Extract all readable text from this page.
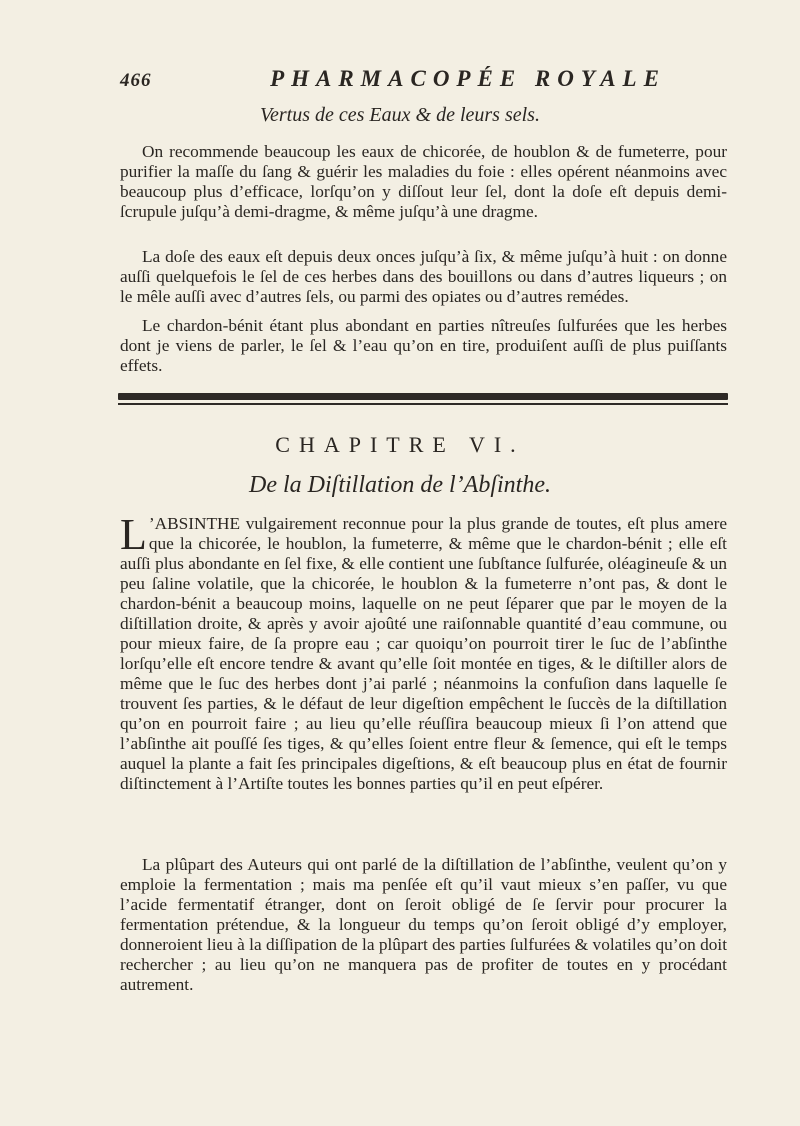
466	PHARMACOPÉE ROYALE
Vertus de ces Eaux & de leurs sels.

On recommende beaucoup les eaux de chicorée, de houblon & de fumeterre, pour purifier la maſſe du ſang & guérir les maladies du foie : elles opérent néanmoins avec beaucoup plus d’efficace, lorſqu’on y diſſout leur ſel, dont la doſe eſt depuis demi-ſcrupule juſqu’à demi-dragme, & même juſqu’à une dragme.

La doſe des eaux eſt depuis deux onces juſqu’à ſix, & même juſqu’à huit : on donne auſſi quelquefois le ſel de ces herbes dans des bouillons ou dans d’autres liqueurs ; on le mêle auſſi avec d’autres ſels, ou parmi des opiates ou d’autres remédes.

Le chardon-bénit étant plus abondant en parties nîtreuſes ſulfurées que les herbes dont je viens de parler, le ſel & l’eau qu’on en tire, produiſent auſſi de plus puiſſants effets.

CHAPITRE VI.
De la Diſtillation de l’Abſinthe.

L ’ABSINTHE vulgairement reconnue pour la plus grande de toutes, eſt plus amere que la chicorée, le houblon, la fumeterre, & même que le chardon-bénit ; elle eſt auſſi plus abondante en ſel fixe, & elle contient une ſubſtance ſulfurée, oléagineuſe & un peu ſaline volatile, que la chicorée, le houblon & la fumeterre n’ont pas, & dont le chardon-bénit a beaucoup moins, laquelle on ne peut ſéparer que par le moyen de la diſtillation droite, & après y avoir ajoûté une raiſonnable quantité d’eau commune, ou pour mieux faire, de ſa propre eau ; car quoiqu’on pourroit tirer le ſuc de l’abſinthe lorſqu’elle eſt encore tendre & avant qu’elle ſoit montée en tiges, & le diſtiller alors de même que le ſuc des herbes dont j’ai parlé ; néanmoins la confuſion dans laquelle ſe trouvent ſes parties, & le défaut de leur digeſtion empêchent le ſuccès de la diſtillation qu’on en pourroit faire ; au lieu qu’elle réuſſira beaucoup mieux ſi l’on attend que l’abſinthe ait pouſſé ſes tiges, & qu’elles ſoient entre fleur & ſemence, qui eſt le temps auquel la plante a fait ſes principales digeſtions, & eſt beaucoup plus en état de fournir diſtinctement à l’Artiſte toutes les bonnes parties qu’il en peut eſpérer.

La plûpart des Auteurs qui ont parlé de la diſtillation de l’abſinthe, veulent qu’on y emploie la fermentation ; mais ma penſée eſt qu’il vaut mieux s’en paſſer, vu que l’acide fermentatif étranger, dont on ſeroit obligé de ſe ſervir pour procurer la fermentation prétendue, & la longueur du temps qu’on ſeroit obligé d’y employer, donneroient lieu à la diſſipation de la plûpart des parties ſulfurées & volatiles qu’on doit rechercher ; au lieu qu’on ne manquera pas de profiter de toutes en y procédant autrement.
